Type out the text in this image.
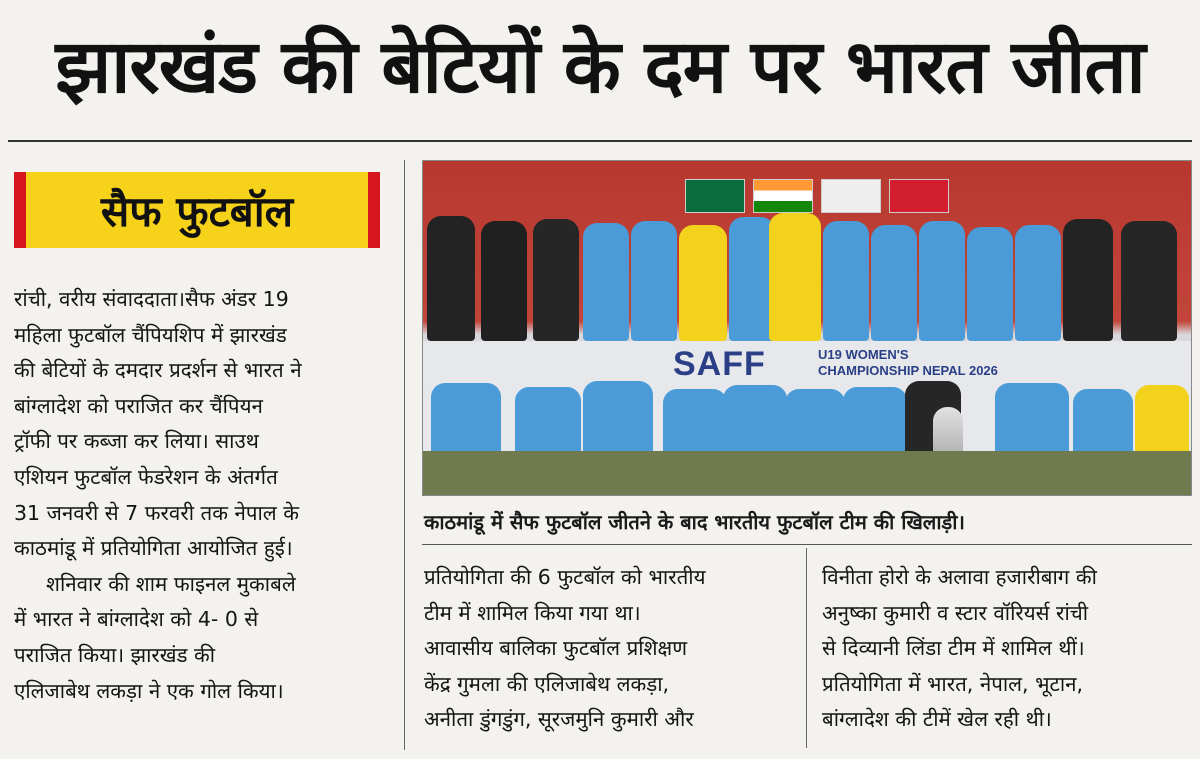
झारखंड की बेटियों के दम पर भारत जीता
सैफ फुटबॉल

रांची, वरीय संवाददाता।सैफ अंडर 19

महिला फुटबॉल चैंपियशिप में झारखंड

की बेटियों के दमदार प्रदर्शन से भारत ने

बांग्लादेश को पराजित कर चैंपियन

ट्रॉफी पर कब्जा कर लिया। साउथ

एशियन फुटबॉल फेडरेशन के अंतर्गत

31 जनवरी से 7 फरवरी तक नेपाल के

काठमांडू में प्रतियोगिता आयोजित हुई।

शनिवार की शाम फाइनल मुकाबले

में भारत ने बांग्लादेश को 4- 0 से

पराजित किया। झारखंड की

एलिजाबेथ लकड़ा ने एक गोल किया।

SAFF	U19 WOMEN'S
CHAMPIONSHIP NEPAL 2026
काठमांडू में सैफ फुटबॉल जीतने के बाद भारतीय फुटबॉल टीम की खिलाड़ी।

प्रतियोगिता की 6 फुटबॉल को भारतीय

टीम में शामिल किया गया था।

आवासीय बालिका फुटबॉल प्रशिक्षण

केंद्र गुमला की एलिजाबेथ लकड़ा,

अनीता डुंगडुंग, सूरजमुनि कुमारी और

विनीता होरो के अलावा हजारीबाग की

अनुष्का कुमारी व स्टार वॉरियर्स रांची

से दिव्यानी लिंडा टीम में शामिल थीं।

प्रतियोगिता में भारत, नेपाल, भूटान,

बांग्लादेश की टीमें खेल रही थी।
